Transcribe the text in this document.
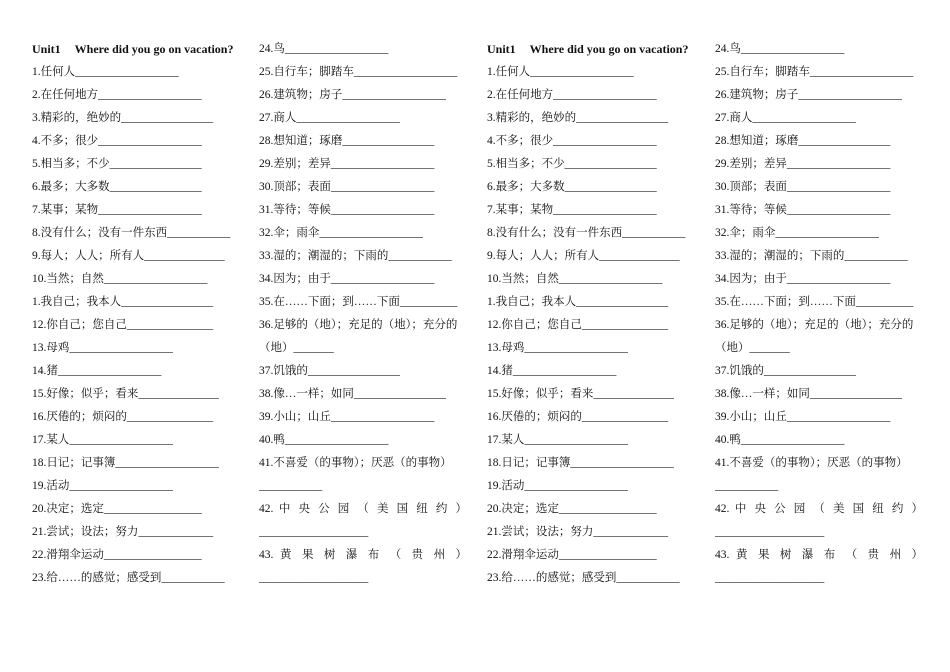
Unit1 Where did you go on vacation?
1.任何人__________________
2.在任何地方__________________
3.精彩的，绝妙的________________
4.不多；很少__________________
5.相当多；不少________________
6.最多；大多数________________
7.某事；某物__________________
8.没有什么；没有一件东西___________
9.每人；人人；所有人______________
10.当然；自然__________________
1.我自己；我本人________________
12.你自己；您自己_______________
13.母鸡__________________
14.猪__________________
15.好像；似乎；看来______________
16.厌倦的；烦闷的_______________
17.某人__________________
18.日记；记事簿__________________
19.活动__________________
20.决定；选定_________________
21.尝试；设法；努力_____________
22.滑翔伞运动_________________
23.给……的感觉；感受到___________
24.鸟__________________
25.自行车；脚踏车__________________
26.建筑物；房子__________________
27.商人__________________
28.想知道；琢磨________________
29.差别；差异__________________
30.顶部；表面__________________
31.等待；等候__________________
32.伞；雨伞__________________
33.湿的；潮湿的；下雨的___________
34.因为；由于__________________
35.在……下面；到……下面__________
36.足够的（地）；充足的（地）；充分的
（地）_______
37.饥饿的________________
38.像…一样；如同________________
39.小山；山丘__________________
40.鸭__________________
41.不喜爱（的事物）；厌恶（的事物）
___________
42. 中 央 公 园 （ 美 国 纽 约 ）
___________________
43. 黄 果 树 瀑 布 （ 贵 州 ）
___________________
Unit1 Where did you go on vacation?
1.任何人__________________
2.在任何地方__________________
3.精彩的，绝妙的________________
4.不多；很少__________________
5.相当多；不少________________
6.最多；大多数________________
7.某事；某物__________________
8.没有什么；没有一件东西___________
9.每人；人人；所有人______________
10.当然；自然__________________
1.我自己；我本人________________
12.你自己；您自己_______________
13.母鸡__________________
14.猪__________________
15.好像；似乎；看来______________
16.厌倦的；烦闷的_______________
17.某人__________________
18.日记；记事簿__________________
19.活动__________________
20.决定；选定_________________
21.尝试；设法；努力_____________
22.滑翔伞运动_________________
23.给……的感觉；感受到___________
24.鸟__________________
25.自行车；脚踏车__________________
26.建筑物；房子__________________
27.商人__________________
28.想知道；琢磨________________
29.差别；差异__________________
30.顶部；表面__________________
31.等待；等候__________________
32.伞；雨伞__________________
33.湿的；潮湿的；下雨的___________
34.因为；由于__________________
35.在……下面；到……下面__________
36.足够的（地）；充足的（地）；充分的
（地）_______
37.饥饿的________________
38.像…一样；如同________________
39.小山；山丘__________________
40.鸭__________________
41.不喜爱（的事物）；厌恶（的事物）
___________
42. 中 央 公 园 （ 美 国 纽 约 ）
___________________
43. 黄 果 树 瀑 布 （ 贵 州 ）
___________________
